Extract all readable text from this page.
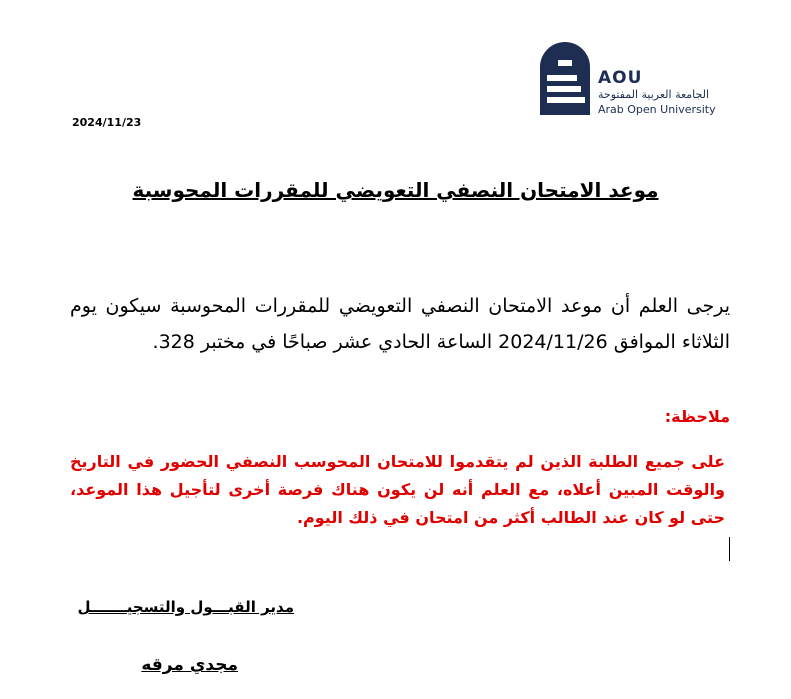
AOU
الجامعة العربية المفتوحة
Arab Open University
2024/11/23
موعد الامتحان النصفي التعويضي للمقررات المحوسبة
يرجى العلم أن موعد الامتحان النصفي التعويضي للمقررات المحوسبة سيكون يوم الثلاثاء الموافق 2024/11/26 الساعة الحادي عشر صباحًا في مختبر 328.
ملاحظة:
على جميع الطلبة الذين لم يتقدموا للامتحان المحوسب النصفي الحضور في التاريخ والوقت المبين أعلاه، مع العلم أنه لن يكون هناك فرصة أخرى لتأجيل هذا الموعد، حتى لو كان عند الطالب أكثر من امتحان في ذلك اليوم.
مدير القبـــول والتسجيـــــــل
مجدي مرقه
